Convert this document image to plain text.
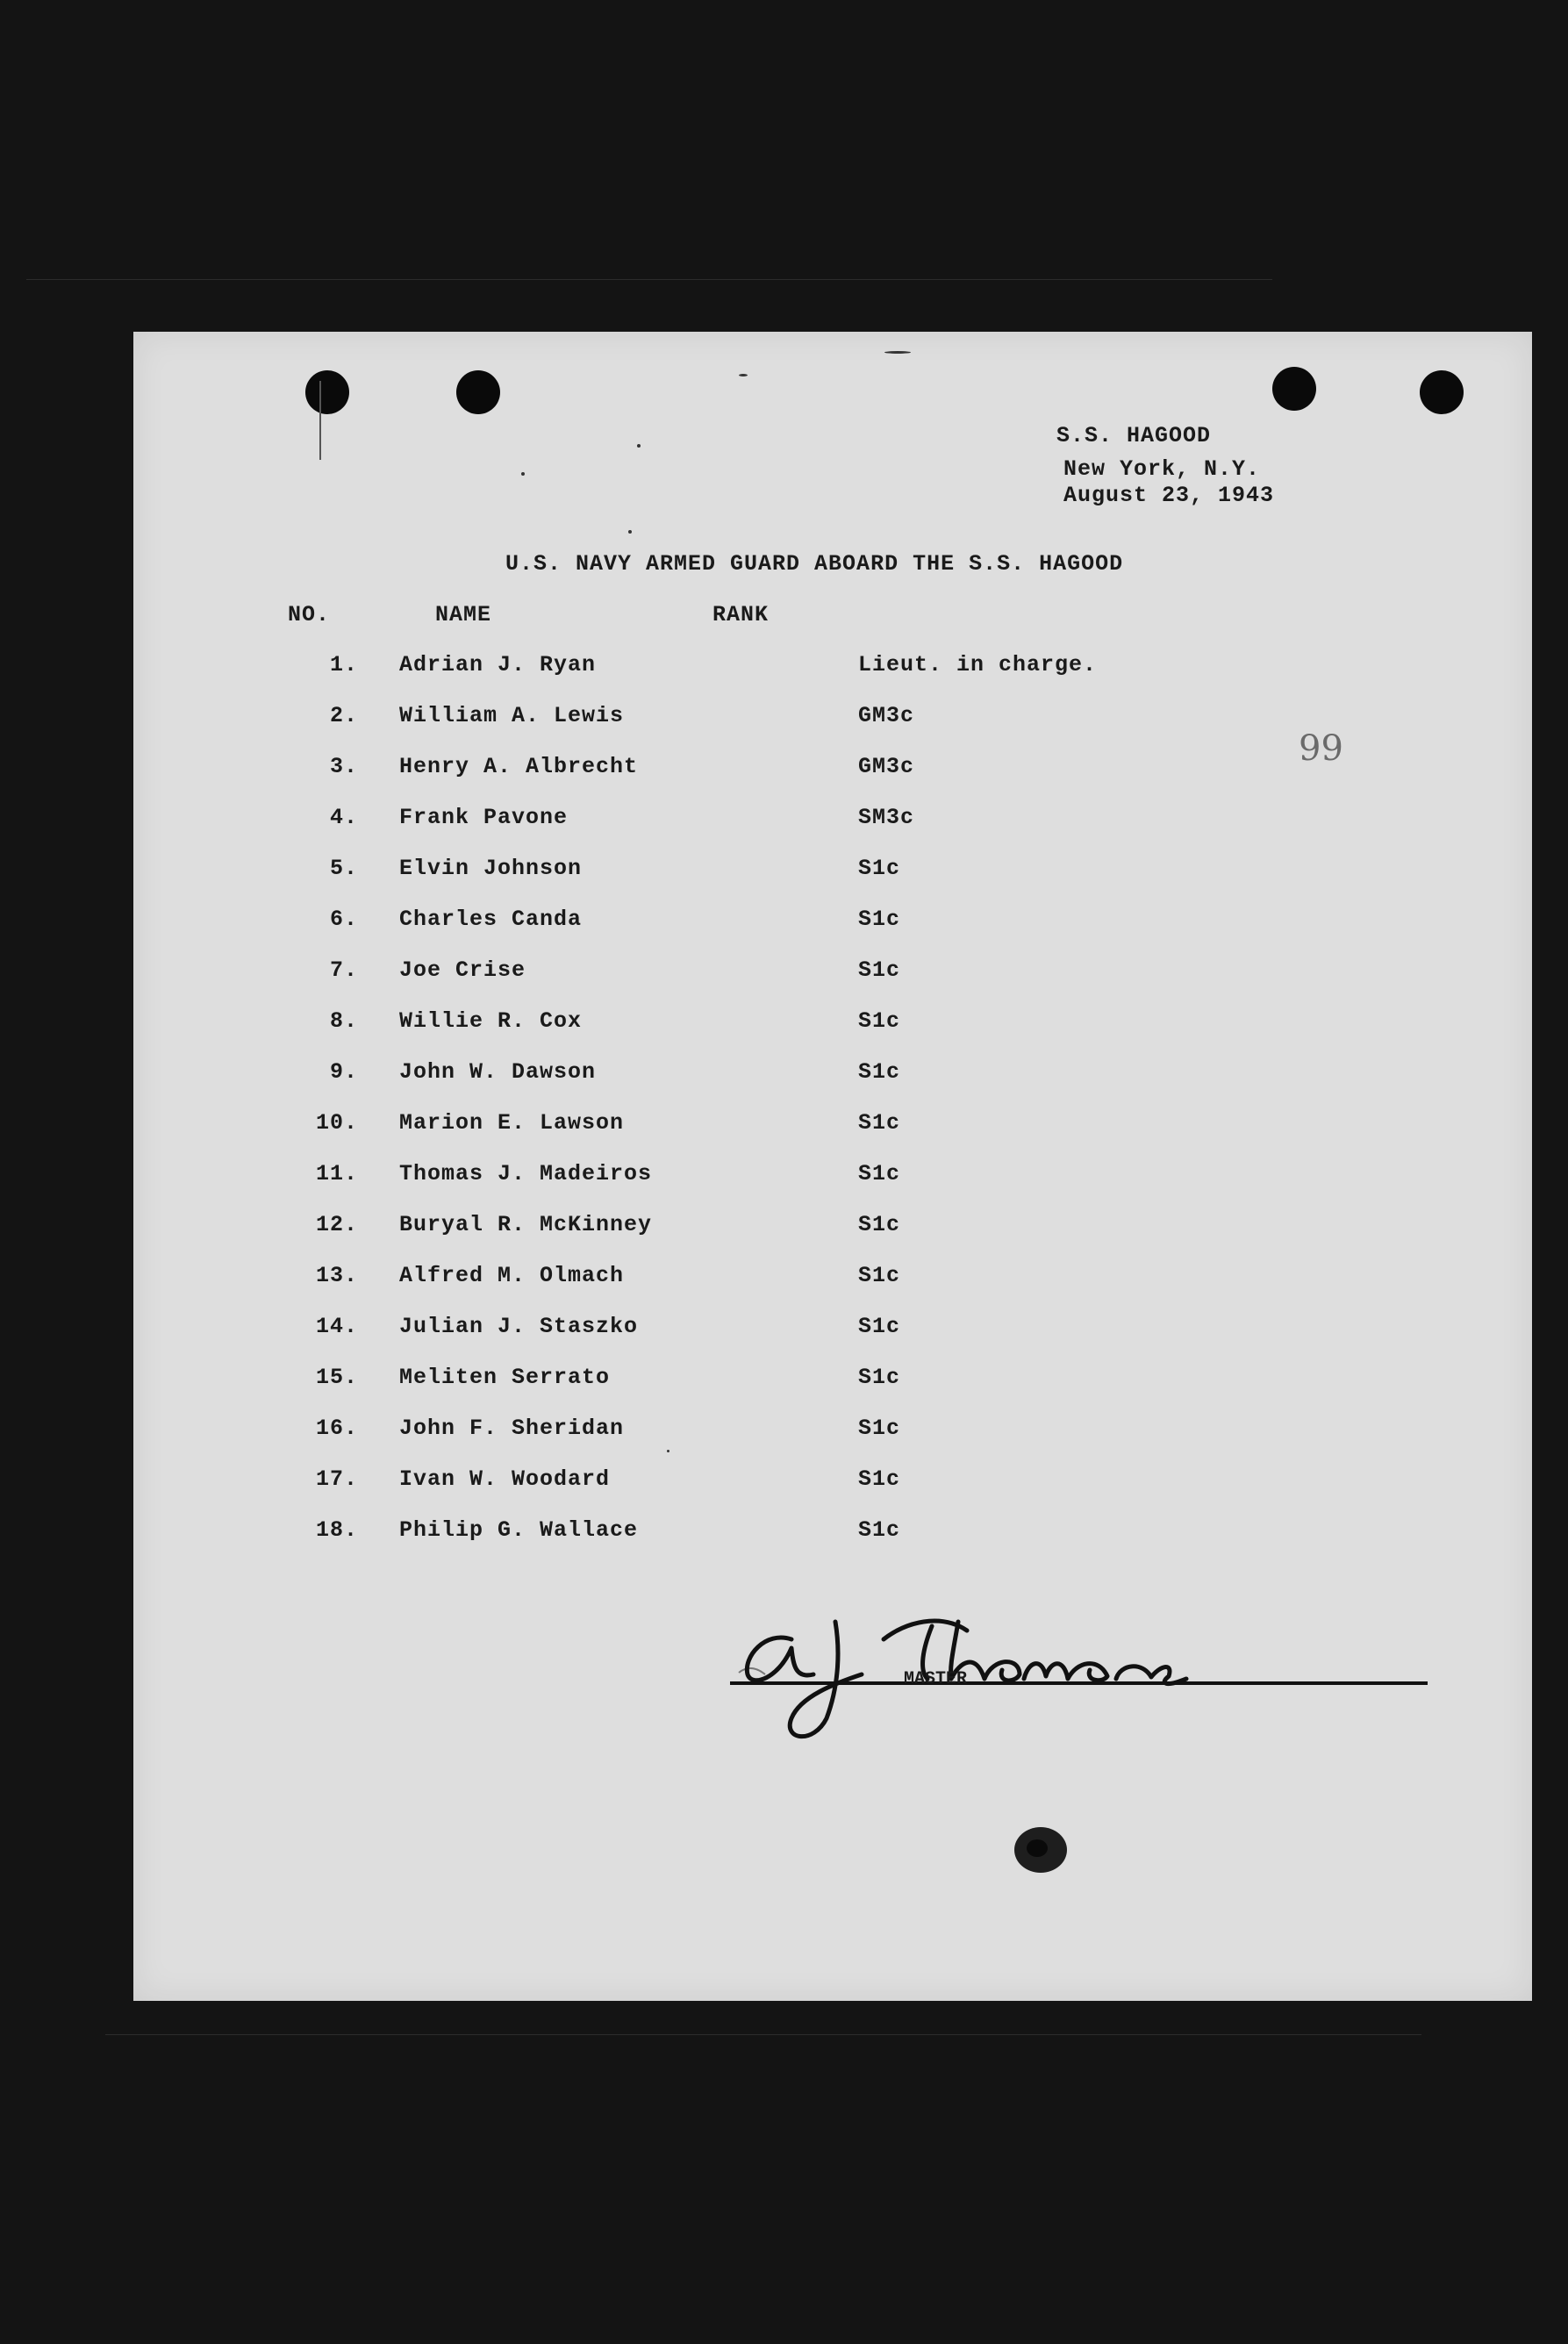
S.S. HAGOOD
New York, N.Y.
August 23, 1943
99
U.S. NAVY ARMED GUARD ABOARD THE S.S. HAGOOD
NO.	NAME	RANK
1. Adrian J. Ryan	Lieut. in charge.
2. William A. Lewis	GM3c
3. Henry A. Albrecht	GM3c
4. Frank Pavone	SM3c
5. Elvin Johnson	S1c
6. Charles Canda	S1c
7. Joe Crise	S1c
8. Willie R. Cox	S1c
9. John W. Dawson	S1c
10. Marion E. Lawson	S1c
11. Thomas J. Madeiros	S1c
12. Buryal R. McKinney	S1c
13. Alfred M. Olmach	S1c
14. Julian J. Staszko	S1c
15. Meliten Serrato	S1c
16. John F. Sheridan	S1c
17. Ivan W. Woodard	S1c
18. Philip G. Wallace	S1c
MASTER
